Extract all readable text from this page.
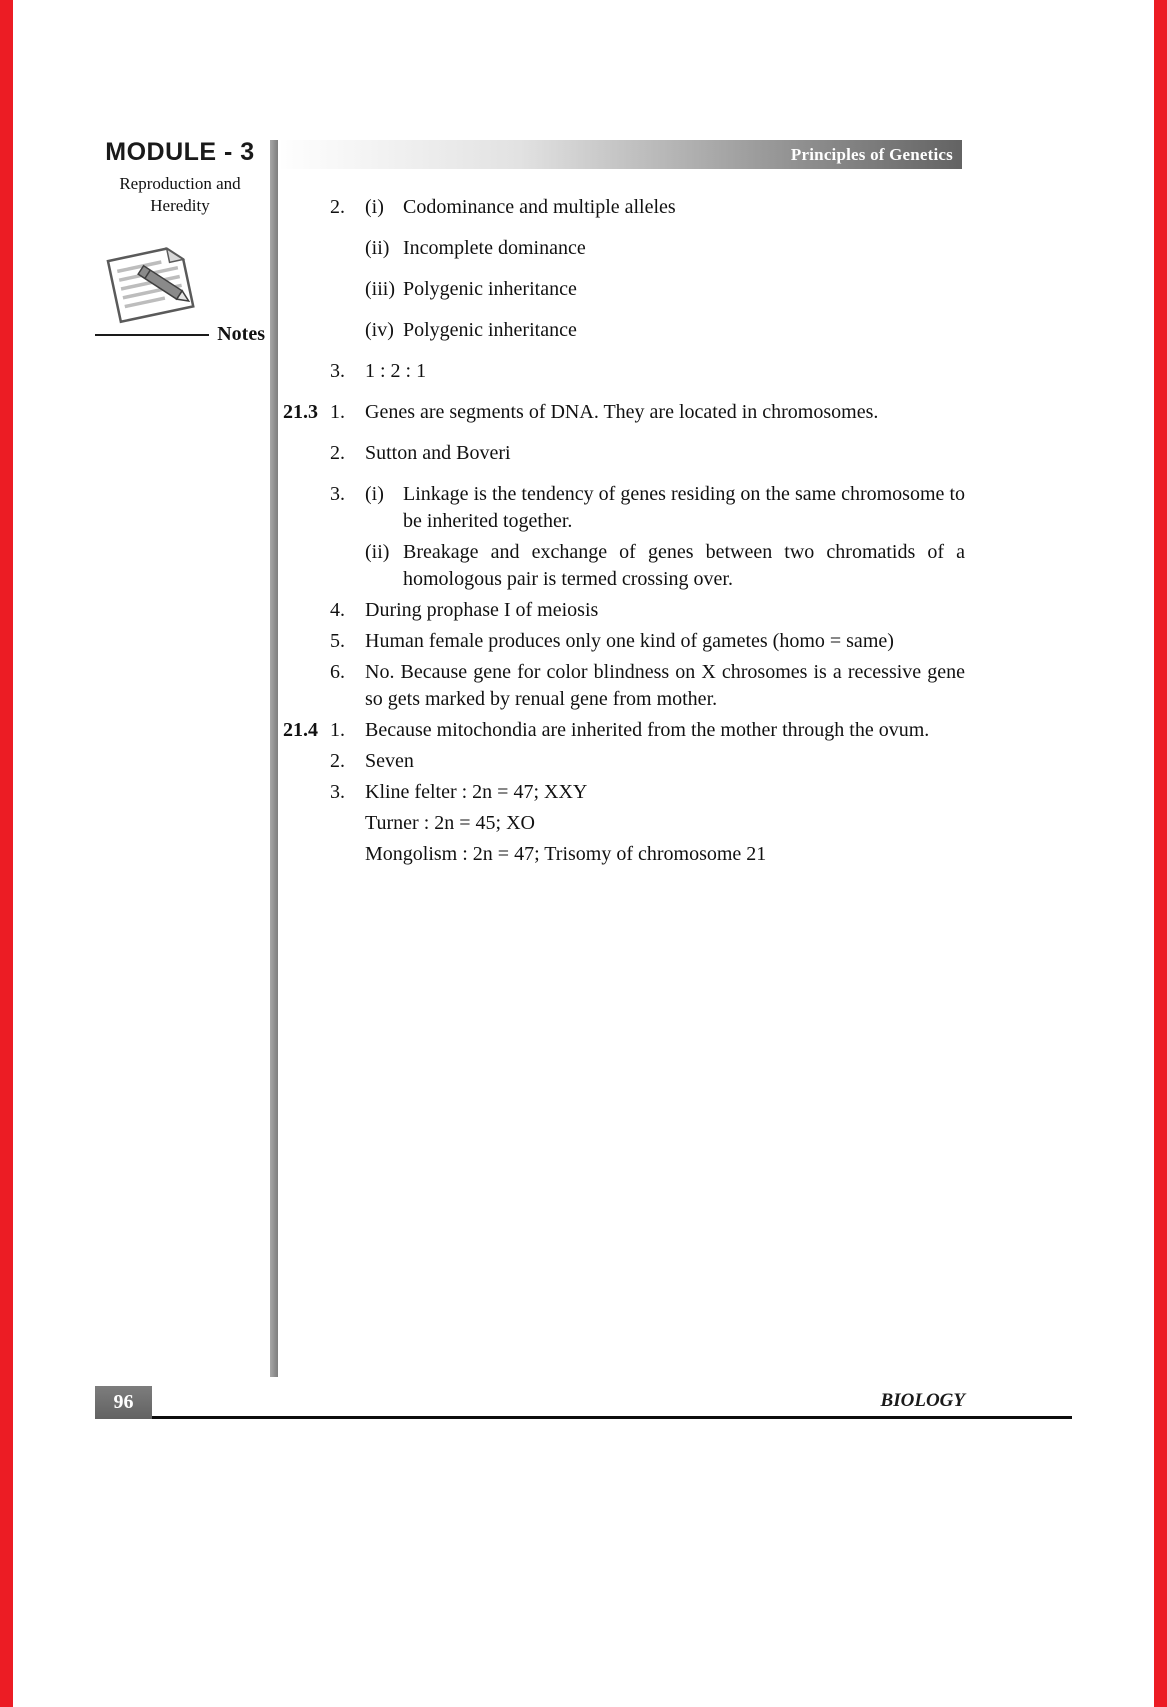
Principles of Genetics
MODULE - 3
Reproduction and
Heredity
Notes
2.	(i) Codominance and multiple alleles
(ii) Incomplete dominance
(iii) Polygenic inheritance
(iv) Polygenic inheritance
3.	1 : 2 : 1
21.3 1.	Genes are segments of DNA. They are located in chromosomes.
2.	Sutton and Boveri
3.	(i) Linkage is the tendency of genes residing on the same chromosome to be inherited together.
(ii) Breakage and exchange of genes between two chromatids of a homologous pair is termed crossing over.
4.	During prophase I of meiosis
5.	Human female produces only one kind of gametes (homo = same)
6.	No. Because gene for color blindness on X chrosomes is a recessive gene so gets marked by renual gene from mother.
21.4 1.	Because mitochondia are inherited from the mother through the ovum.
2.	Seven
3.	Kline felter : 2n = 47; XXY
Turner : 2n = 45; XO
Mongolism : 2n = 47; Trisomy of chromosome 21
96	BIOLOGY
